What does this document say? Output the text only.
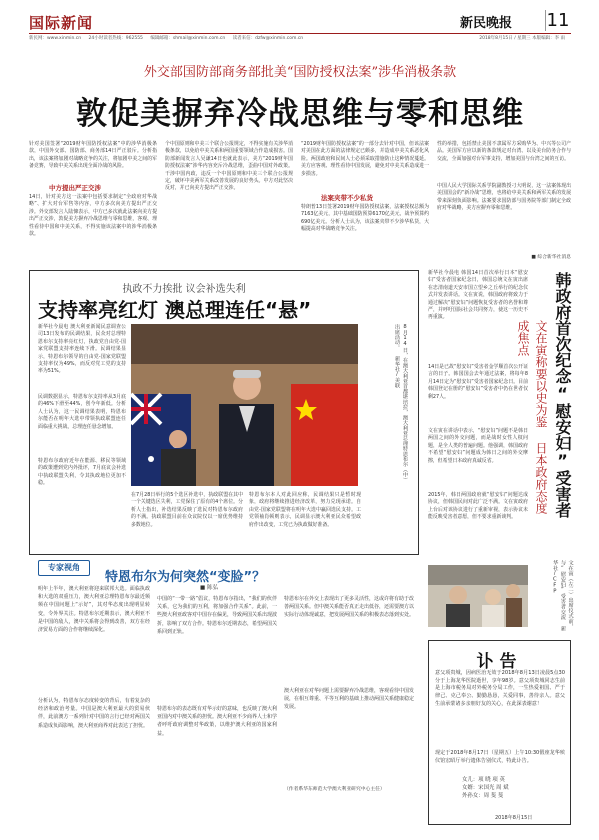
国际新闻	新民晚报 11
新民网：www.xinmin.cn 24小时读者热线：962555 编辑邮箱：shmail@xinmin.com.cn 读者来信：dzfw@xinmin.com.cn	2018年8月15日 / 星期三 本版编辑：李 雨
外交部国防部商务部批美“国防授权法案”涉华消极条款
敦促美摒弃冷战思维与零和思维
针对美国签署“2019财年国防授权法案”中的涉华消极条款，中国外交部、国防部、商务部14日严正驳斥。分析指出，该法案将加剧对战略竞争的关注，将加剧中美之间的军备竞赛，导致中美关系出现全面冷战的风险。
中方提出严正交涉
14日，针对美方这一法案中包括要求制定“全政府对华战略”、扩大对台军售等内容，中方多次向美方提出严正交涉。外交部发言人陆慷表示，中方已多次就此法案向美方提出严正交涉，敦促美方摒弃冷战思维与零和思维，客观、理性看待中国和中美关系，不得实施该法案中的涉华消极条款。
个中国原则和中美三个联合公报规定，不得实施有关涉华消极条款，以免给中美关系和两国重要领域合作造成损害。国防部新闻发言人吴谦14日也就此表示，美方“2019财年国防授权法案”涉华内容充斥冷战思维，歪曲中国对外政策。干涉中国内政，违反一个中国原则和中美三个联合公报规定，破坏中美两军关系改善发展的良好势头。中方对此坚决反对，并已向美方提出严正交涉。
“2019财年国防授权法案”的一部分去针对中国，但该法案对美国在此方面的法律规定已颇多，并造成中美关系恶化风险。两国政府和民间人士必须采取措施防止这种情况蔓延。美方应客观、理性看待中国发展，避免对中美关系造成进一步损害。
法案夹带不少私货
特朗普13日签署2019财年国防授权法案，法案授权总额为7163亿美元，其中基础国防预算6170亿美元，战争预算约690亿美元。分析人士认为，该法案夹带不少涉华私货，大幅提高对华战略竞争关注。
性的举措，包括禁止美国不隶属军方采购华为、中兴等公司产品。美国军方应以新的条款规定对台湾、以及美台防务合作与交流，全面加强对台军事支持，增加美国与台湾之间的互访。
中国人民大学国际关系学院副教授刁大明说，这一法案体现出美国国会的“新冷战”思维，也将给中美关系和两军关系的发展带来深刻负面影响。法案要求国防部与国务院等部门制定全政府对华战略，美方应摒弃零和思维。
■ 综合新华社消息
执政不力挨批 议会补选失利
支持率亮红灯 澳总理连任“悬”
新华社今晨电 澳大利亚新闻民意调查公司13日发布的民调结果，民众对总理特恩布尔支持率亮红灯，执政党自由党-国家党联盟支持率连续下滑。民调结果显示，特恩布尔领导的自由党-国家党联盟支持率仅为49%，而反对党工党的支持率为51%。
民调数据显示，特恩布尔支持率从3月底的46%下滑至44%，创今年新低。分析人士认为，这一民调结果表明，特恩布尔能否在明年大选中带领执政联盟连任面临重大挑战，总理连任悬念增加。
特恩布尔政府近年在能源、移民等领域的政策遭到党内外批评，7月底议会补选中执政联盟失利，令其执政地位更加不稳。
8月14日，在澳大利亚首都堪培拉，澳大利亚总理特恩布尔（中）出席活动。 新华社/美联
在7月28日举行的5个选区补选中，执政联盟在其中一个关键选区失利，工党保住了原有的4个席位。分析人士指出，补选结果反映了选民对特恩布尔政府的不满。执政联盟目前在众议院仅以一席优势维持多数地位。
特恩布尔本人对此回应称，民调结果只是暂时现象，政府将继续推进经济改革，努力兑现承诺。自由党-国家党联盟将在明年大选中赢回选民支持。工党领袖肖顿则表示，民调显示澳大利亚民众希望政府作出改变，工党已为执政做好准备。
专家视角
特恩布尔为何突然“变脸”？
■ 陈弘
明年上半年，澳大利亚将迎来联邦大选。面临执政和大选的双重压力，澳大利亚总理特恩布尔最近频频在中国问题上“示好”，其对华态度出现明显转变，令外界关注。特恩布尔近期表示，澳大利亚不是中国的敌人，澳中关系将会得到改善，双方在经济贸易方面的合作将继续深化。
分析认为，特恩布尔态度转变的背后，有着复杂的经济和政治考量。中国是澳大利亚最大的贸易伙伴，此前澳方一系列针对中国的言行已经对两国关系造成负面影响，澳大利亚商界对此表达了担忧。
中国的“一带一路”倡议，特恩布尔指出，“我们的伙伴关系，它为我们的互利，将加强合作关系”。此前，一些澳大利亚政客对中国存在偏见，导致两国关系出现波折，影响了双方合作。特恩布尔近期表态，希望两国关系回到正轨。
特恩布尔的表态既有对华示好的意味，也反映了澳大利亚国内对中澳关系的担忧。澳大利亚不少商界人士和学者呼吁政府调整对华政策，以维护澳大利亚的国家利益。
特恩布尔在外交上表现出了更多灵活性，这或许将有助于改善两国关系。但中澳关系能否真正走出低谷，还需要澳方以实际行动体现诚意，把发展两国关系的积极表态落到实处。
澳大利亚在对华问题上需要摒弃冷战思维，客观看待中国发展，在相互尊重、平等互利的基础上推动两国关系健康稳定发展。
（作者系华东师范大学澳大利亚研究中心主任）
新华社今晨电 韩国14日首次举行日本“慰安妇”受害者国家纪念日，韩国总统文在寅出席在忠清南道天安市国立望乡之丘举行的纪念仪式并发表讲话。文在寅说，韩国政府将致力于通过解决“慰安妇”问题恢复受害者的名誉和尊严，并呼吁国际社会共同努力，使这一历史不再重演。
14日是已故“慰安妇”受害者金学顺首次公开证言的日子。韩国国会去年通过法案，将每年8月14日定为“慰安妇”受害者国家纪念日。目前韩国登记在册的“慰安妇”受害者中仍在世者仅剩27人。
文在寅在讲话中表示，“慰安妇”问题不是韩日两国之间的外交问题，而是战时女性人权问题，是全人类的普遍问题。他强调，韩国政府不希望“慰安妇”问题成为韩日之间的外交摩擦，但希望日本政府真诚反省。
2015年，韩日两国政府就“慰安妇”问题达成协议，但韩国民间对此广泛不满。文在寅政府上台后对该协议进行了重新审视，表示协议未能反映受害者意愿，但不要求重新谈判。	韩政府首次纪念“慰安妇”受害者
文在寅称要以史为鉴 日本政府态度成焦点
文在寅（左二）出席仪式前，与“慰安妇”受害者交流 新华社/CFP
讣告
意父项贵城，因病医治无效于2018年8月13日凌晨5点30分于上海龙华医院逝世，享年98岁。意父项贵城同志生前是上海市税务局对外税务分局工作，一生热爱祖国、严于律己、克己奉公、勤勤恳恳，关爱同事，善待亲人。意父生前承蒙诸多亲朋好友的关心，在此深表谢意！
现定于2018年8月17日（星期五）上午10:30假座龙华殡仪馆宏昭厅举行遗体告别仪式，特此讣告。
女儿：项 晓 项 英
女婿：宋国光 周 斌
外孙女：周 斐 斐
2018年8月15日
